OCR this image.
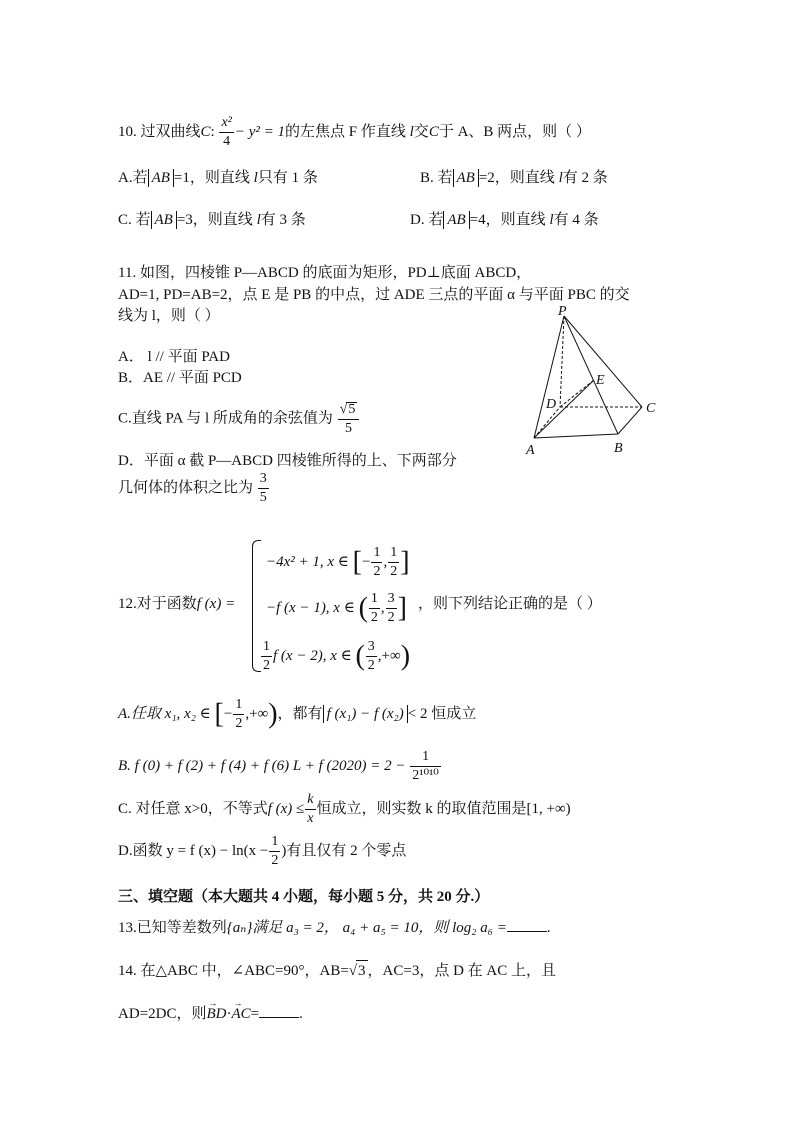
10. 过双曲线C: $\frac{\text{x²}}{4} - y^2 = 1$的左焦点 F 作直线 l交C于 A、B 两点，则（ ）
A.若 AB =1，则直线 l只有 1 条	B. 若 AB =2，则直线 l有 2 条
C. 若 AB =3，则直线 l有 3 条	D. 若 AB =4，则直线 l有 4 条
11. 如图，四棱锥 P—ABCD 的底面为矩形，PD⊥底面 ABCD，
AD=1, PD=AB=2，点 E 是 PB 的中点，过 ADE 三点的平面 α 与平面 PBC 的交
线为 l，则（ ）
A． l // 平面 PAD
B．AE // 平面 PCD
C.直线 PA 与 l 所成角的余弦值为 $\frac{√5}{5}$
D．平面 α 截 P—ABCD 四棱锥所得的上、下两部分
几何体的体积之比为 $\frac{3}{5}$
P
E
D	C
A	B
12.对于函数f (x) =
−4x² + 1, x ∈ [− $\frac{1}{2}$ , $\frac{1}{2}$ ]
−f (x − 1), x ∈ ( $\frac{1}{2}$ , $\frac{3}{2}$ ] ，则下列结论正确的是（ ）
$\frac{1}{2}$ f (x − 2), x ∈ ( $\frac{3}{2}$ ,+∞)
A.任取 x₁, x₂ ∈ [− $\frac{1}{2}$ ,+∞)，都有 f (x₁) − f (x₂) < 2 恒成立
B. f (0) + f (2) + f (4) + f (6) L + f $(2020) = 2 - \frac{1}{\text{2¹⁰¹⁰}}$
C. 对任意 x>0，不等式f $(x) \le \frac{k}{x}$ 恒成立，则实数 k 的取值范围是[1, +∞)
D.函数 y = f $(x) - \ln(x - \frac{1}{2}$ )有且仅有 2 个零点
三、填空题（本大题共 4 小题，每小题 5 分，共 20 分.）
13.已知等差数列{aₙ}满足 a₃ = 2， a₄ + a₅ = 10，则 log₂ a₆ =	.
14. 在△ABC 中，∠ABC=90°，AB=√3 ，AC=3，点 D 在 AC 上，且
AD=2DC，则→ BD·→ AC=	.
